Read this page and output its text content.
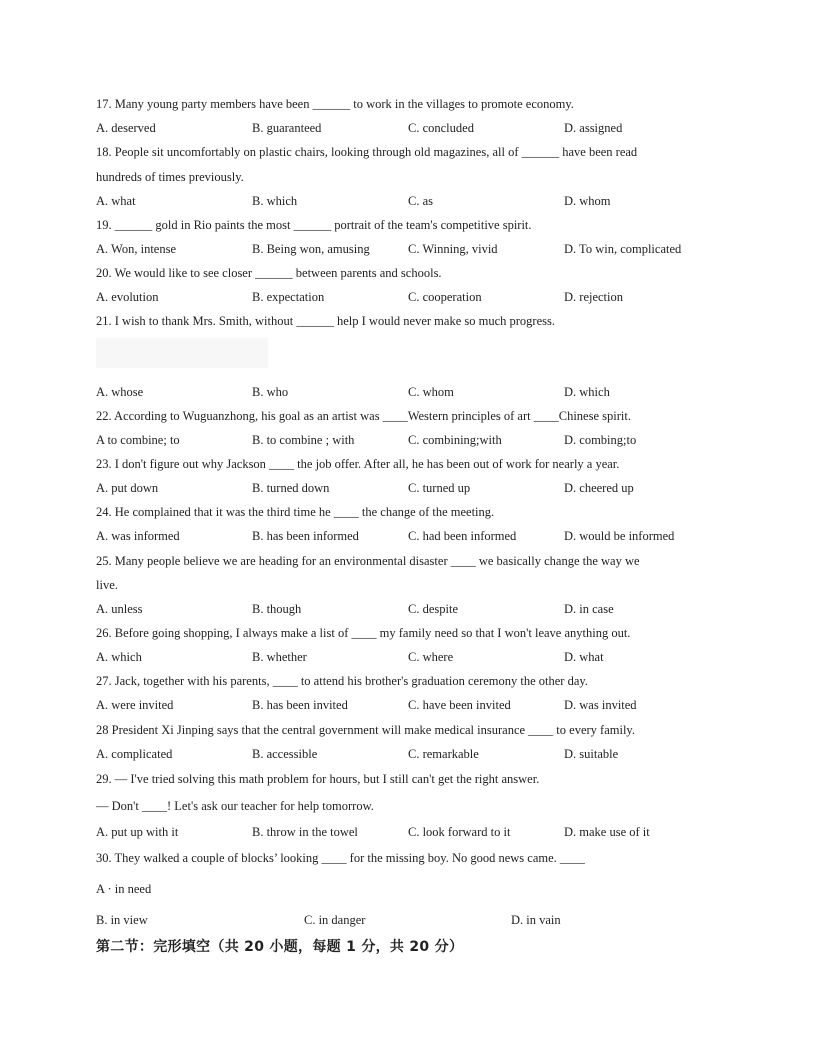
17. Many young party members have been ______ to work in the villages to promote economy.
A. deserved	B. guaranteed	C. concluded	D. assigned
18. People sit uncomfortably on plastic chairs, looking through old magazines, all of ______ have been read
hundreds of times previously.
A. what	B. which	C. as	D. whom
19. ______ gold in Rio paints the most ______ portrait of the team's competitive spirit.
A. Won, intense	B. Being won, amusing	C. Winning, vivid	D. To win, complicated
20. We would like to see closer ______ between parents and schools.
A. evolution	B. expectation	C. cooperation	D. rejection
21. I wish to thank Mrs. Smith, without ______ help I would never make so much progress.
A. whose	B. who	C. whom	D. which
22. According to Wuguanzhong, his goal as an artist was ____Western principles of art ____Chinese spirit.
A to combine; to	B. to combine ; with	C. combining;with	D. combing;to
23. I don't figure out why Jackson ____ the job offer. After all, he has been out of work for nearly a year.
A. put down	B. turned down	C. turned up	D. cheered up
24. He complained that it was the third time he ____ the change of the meeting.
A. was informed	B. has been informed	C. had been informed	D. would be informed
25. Many people believe we are heading for an environmental disaster ____ we basically change the way we
live.
A. unless	B. though	C. despite	D. in case
26. Before going shopping, I always make a list of ____ my family need so that I won't leave anything out.
A. which	B. whether	C. where	D. what
27. Jack, together with his parents, ____ to attend his brother's graduation ceremony the other day.
A. were invited	B. has been invited	C. have been invited	D. was invited
28 President Xi Jinping says that the central government will make medical insurance ____ to every family.
A. complicated	B. accessible	C. remarkable	D. suitable
29. — I've tried solving this math problem for hours, but I still can't get the right answer.
— Don't ____! Let's ask our teacher for help tomorrow.
A. put up with it	B. throw in the towel	C. look forward to it	D. make use of it
30. They walked a couple of blocks’ looking ____ for the missing boy. No good news came. ____
A · in need
B. in view	C. in danger	D. in vain
第二节：完形填空（共 20 小题，每题 1 分，共 20 分）
